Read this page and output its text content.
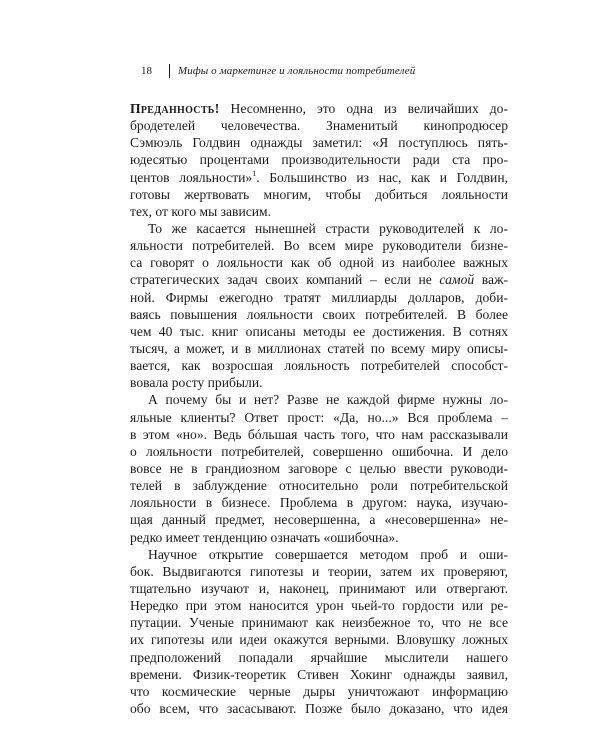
18	Мифы о маркетинге и лояльности потребителей
Преданность! Несомненно, это одна из величайших до-
бродетелей человечества. Знаменитый кинопродюсер
Сэмюэль Голдвин однажды заметил: «Я поступлюсь пять-
юдесятью процентами производительности ради ста про-
центов лояльности»$^1$. Большинство из нас, как и Голдвин,
готовы жертвовать многим, чтобы добиться лояльности
тех, от кого мы зависим.
То же касается нынешней страсти руководителей к ло-
яльности потребителей. Во всем мире руководители бизне-
са говорят о лояльности как об одной из наиболее важных
стратегических задач своих компаний – если не самой важ-
ной. Фирмы ежегодно тратят миллиарды долларов, доби-
ваясь повышения лояльности своих потребителей. В более
чем 40 тыс. книг описаны методы ее достижения. В сотнях
тысяч, а может, и в миллионах статей по всему миру описы-
вается, как возросшая лояльность потребителей способст-
вовала росту прибыли.
А почему бы и нет? Разве не каждой фирме нужны ло-
яльные клиенты? Ответ прост: «Да, но...» Вся проблема –
в этом «но». Ведь бóльшая часть того, что нам рассказывали
о лояльности потребителей, совершенно ошибочна. И дело
вовсе не в грандиозном заговоре с целью ввести руководи-
телей в заблуждение относительно роли потребительской
лояльности в бизнесе. Проблема в другом: наука, изучаю-
щая данный предмет, несовершенна, а «несовершенна» не-
редко имеет тенденцию означать «ошибочна».
Научное открытие совершается методом проб и оши-
бок. Выдвигаются гипотезы и теории, затем их проверяют,
тщательно изучают и, наконец, принимают или отвергают.
Нередко при этом наносится урон чьей-то гордости или ре-
путации. Ученые принимают как неизбежное то, что не все
их гипотезы или идеи окажутся верными. Вловушку ложных
предположений попадали ярчайшие мыслители нашего
времени. Физик-теоретик Стивен Хокинг однажды заявил,
что космические черные дыры уничтожают информацию
обо всем, что засасывают. Позже было доказано, что идея
